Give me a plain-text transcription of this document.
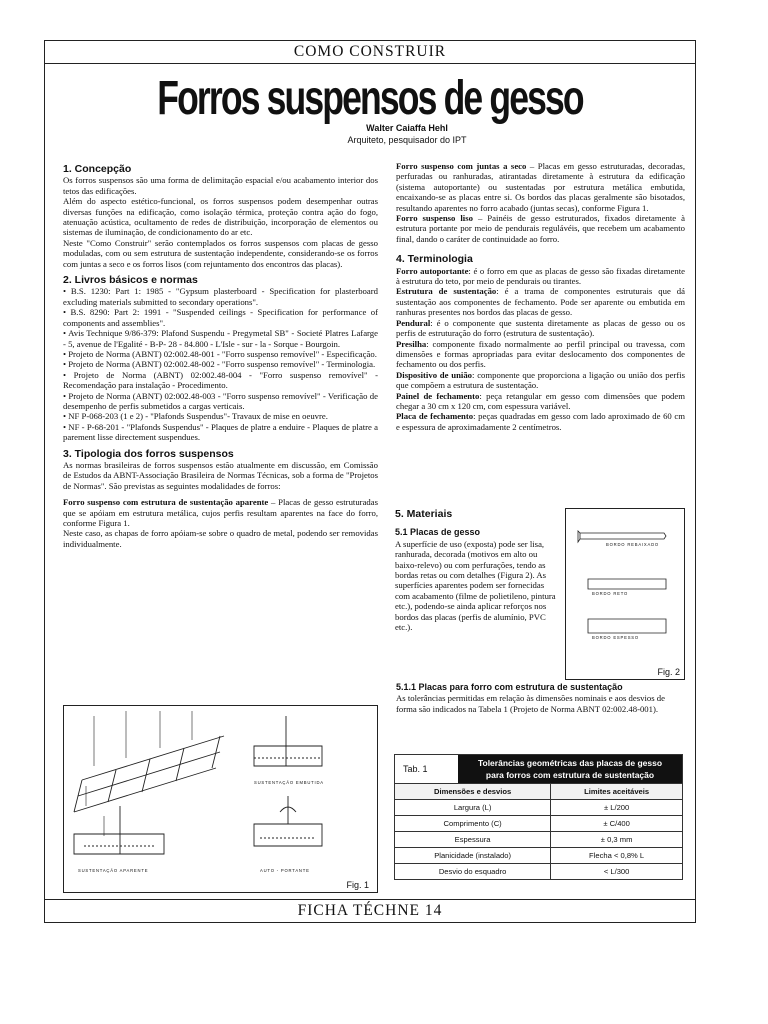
COMO CONSTRUIR
Forros suspensos de gesso
Walter Caiaffa Hehl
Arquiteto, pesquisador do IPT
1. Concepção

Os forros suspensos são uma forma de delimitação espacial e/ou acabamento interior dos tetos das edificações.

Além do aspecto estético-funcional, os forros suspensos podem desempenhar outras diversas funções na edificação, como isolação térmica, proteção contra ação do fogo, atenuação acústica, ocultamento de redes de distribuição, incorporação de elementos ou sistemas de iluminação, de condicionamento do ar etc.

Neste "Como Construir" serão contemplados os forros suspensos com placas de gesso moduladas, com ou sem estrutura de sustentação independente, considerando-se os forros com juntas a seco e os forros lisos (com rejuntamento dos encontros das placas).

2. Livros básicos e normas

• B.S. 1230: Part 1: 1985 - "Gypsum plasterboard - Specification for plasterboard excluding materials submitted to secondary operations".

• B.S. 8290: Part 2: 1991 - "Suspended ceilings - Specification for performance of components and assemblies".

• Avis Technique 9/86-379: Plafond Suspendu - Pregymetal SB" - Societé Platres Lafarge - 5, avenue de l'Egalité - B-P- 28 - 84.800 - L'Isle - sur - la - Sorque - Bourgoin.

• Projeto de Norma (ABNT) 02:002.48-001 - "Forro suspenso removível" - Especificação.

• Projeto de Norma (ABNT) 02:002.48-002 - "Forro suspenso removível" - Terminologia.

• Projeto de Norma (ABNT) 02:002.48-004 - "Forro suspenso removível" - Recomendação para instalação - Procedimento.

• Projeto de Norma (ABNT) 02:002.48-003 - "Forro suspenso removível" - Verificação de desempenho de perfis submetidos a cargas verticais.

• NF P-068-203 (1 e 2) - "Plafonds Suspendus"- Travaux de mise en oeuvre.

• NF - P-68-201 - "Plafonds Suspendus" - Plaques de platre a enduire - Plaques de platre a parement lisse directement suspendues.

3. Tipologia dos forros suspensos

As normas brasileiras de forros suspensos estão atualmente em discussão, em Comissão de Estudos da ABNT-Associação Brasileira de Normas Técnicas, sob a forma de "Projetos de Normas". São previstas as seguintes modalidades de forros:

Forro suspenso com estrutura de sustentação aparente – Placas de gesso estruturadas que se apóiam em estrutura metálica, cujos perfis resultam aparentes na face do forro, conforme Figura 1.

Neste caso, as chapas de forro apóiam-se sobre o quadro de metal, podendo ser removidas individualmente.

Forro suspenso com juntas a seco – Placas em gesso estruturadas, decoradas, perfuradas ou ranhuradas, atirantadas diretamente à estrutura da edificação (sistema autoportante) ou sustentadas por estrutura metálica embutida, encaixando-se as placas entre si. Os bordos das placas geralmente são bisotados, resultando aparentes no forro acabado (juntas secas), conforme Figura 1.

Forro suspenso liso – Painéis de gesso estruturados, fixados diretamente à estrutura portante por meio de pendurais regulávéis, que recebem um acabamento final, dando o caráter de continuidade ao forro.

4. Terminologia

Forro autoportante: é o forro em que as placas de gesso são fixadas diretamente à estrutura do teto, por meio de pendurais ou tirantes.

Estrutura de sustentação: é a trama de componentes estruturais que dá sustentação aos componentes de fechamento. Pode ser aparente ou embutida em ranhuras presentes nos bordos das placas de gesso.

Pendural: é o componente que sustenta diretamente as placas de gesso ou os perfis de estruturação do forro (estrutura de sustentação).

Presilha: componente fixado normalmente ao perfil principal ou travessa, com dimensões e formas apropriadas para evitar deslocamento dos componentes de fechamento ou dos perfis.

Dispositivo de união: componente que proporciona a ligação ou união dos perfis que compõem a estrutura de sustentação.

Painel de fechamento: peça retangular em gesso com dimensões que podem chegar a 30 cm x 120 cm, com espessura variável.

Placa de fechamento: peças quadradas em gesso com lado aproximado de 60 cm e espessura de aproximadamente 2 centímetros.

5. Materiais
5.1 Placas de gesso

A superfície de uso (exposta) pode ser lisa, ranhurada, decorada (motivos em alto ou baixo-relevo) ou com perfurações, tendo as bordas retas ou com detalhes (Figura 2). As superfícies aparentes podem ser fornecidas com acabamento (filme de polietileno, pintura etc.), podendo-se ainda aplicar reforços nos bordos das placas (perfis de alumínio, PVC etc.).

5.1.1 Placas para forro com estrutura de sustentação

As tolerâncias permitidas em relação às dimensões nominais e aos desvios de forma são indicados na Tabela 1 (Projeto de Norma ABNT 02:002.48-001).

BORDO REBAIXADO
BORDO RETO
BORDO ESPESSO
Fig. 2
SUSTENTAÇÃO EMBUTIDA
SUSTENTAÇÃO APARENTE	AUTO - PORTANTE
Fig. 1
Tab. 1
Tolerâncias geométricas das placas de gesso
para forros com estrutura de sustentação
Dimensões e desvios	Limites aceitáveis
Largura (L)	± L/200
Comprimento (C)	± C/400
Espessura	± 0,3 mm
Planicidade (instalado)	Flecha < 0,8% L
Desvio do esquadro	< L/300
FICHA TÉCHNE 14
